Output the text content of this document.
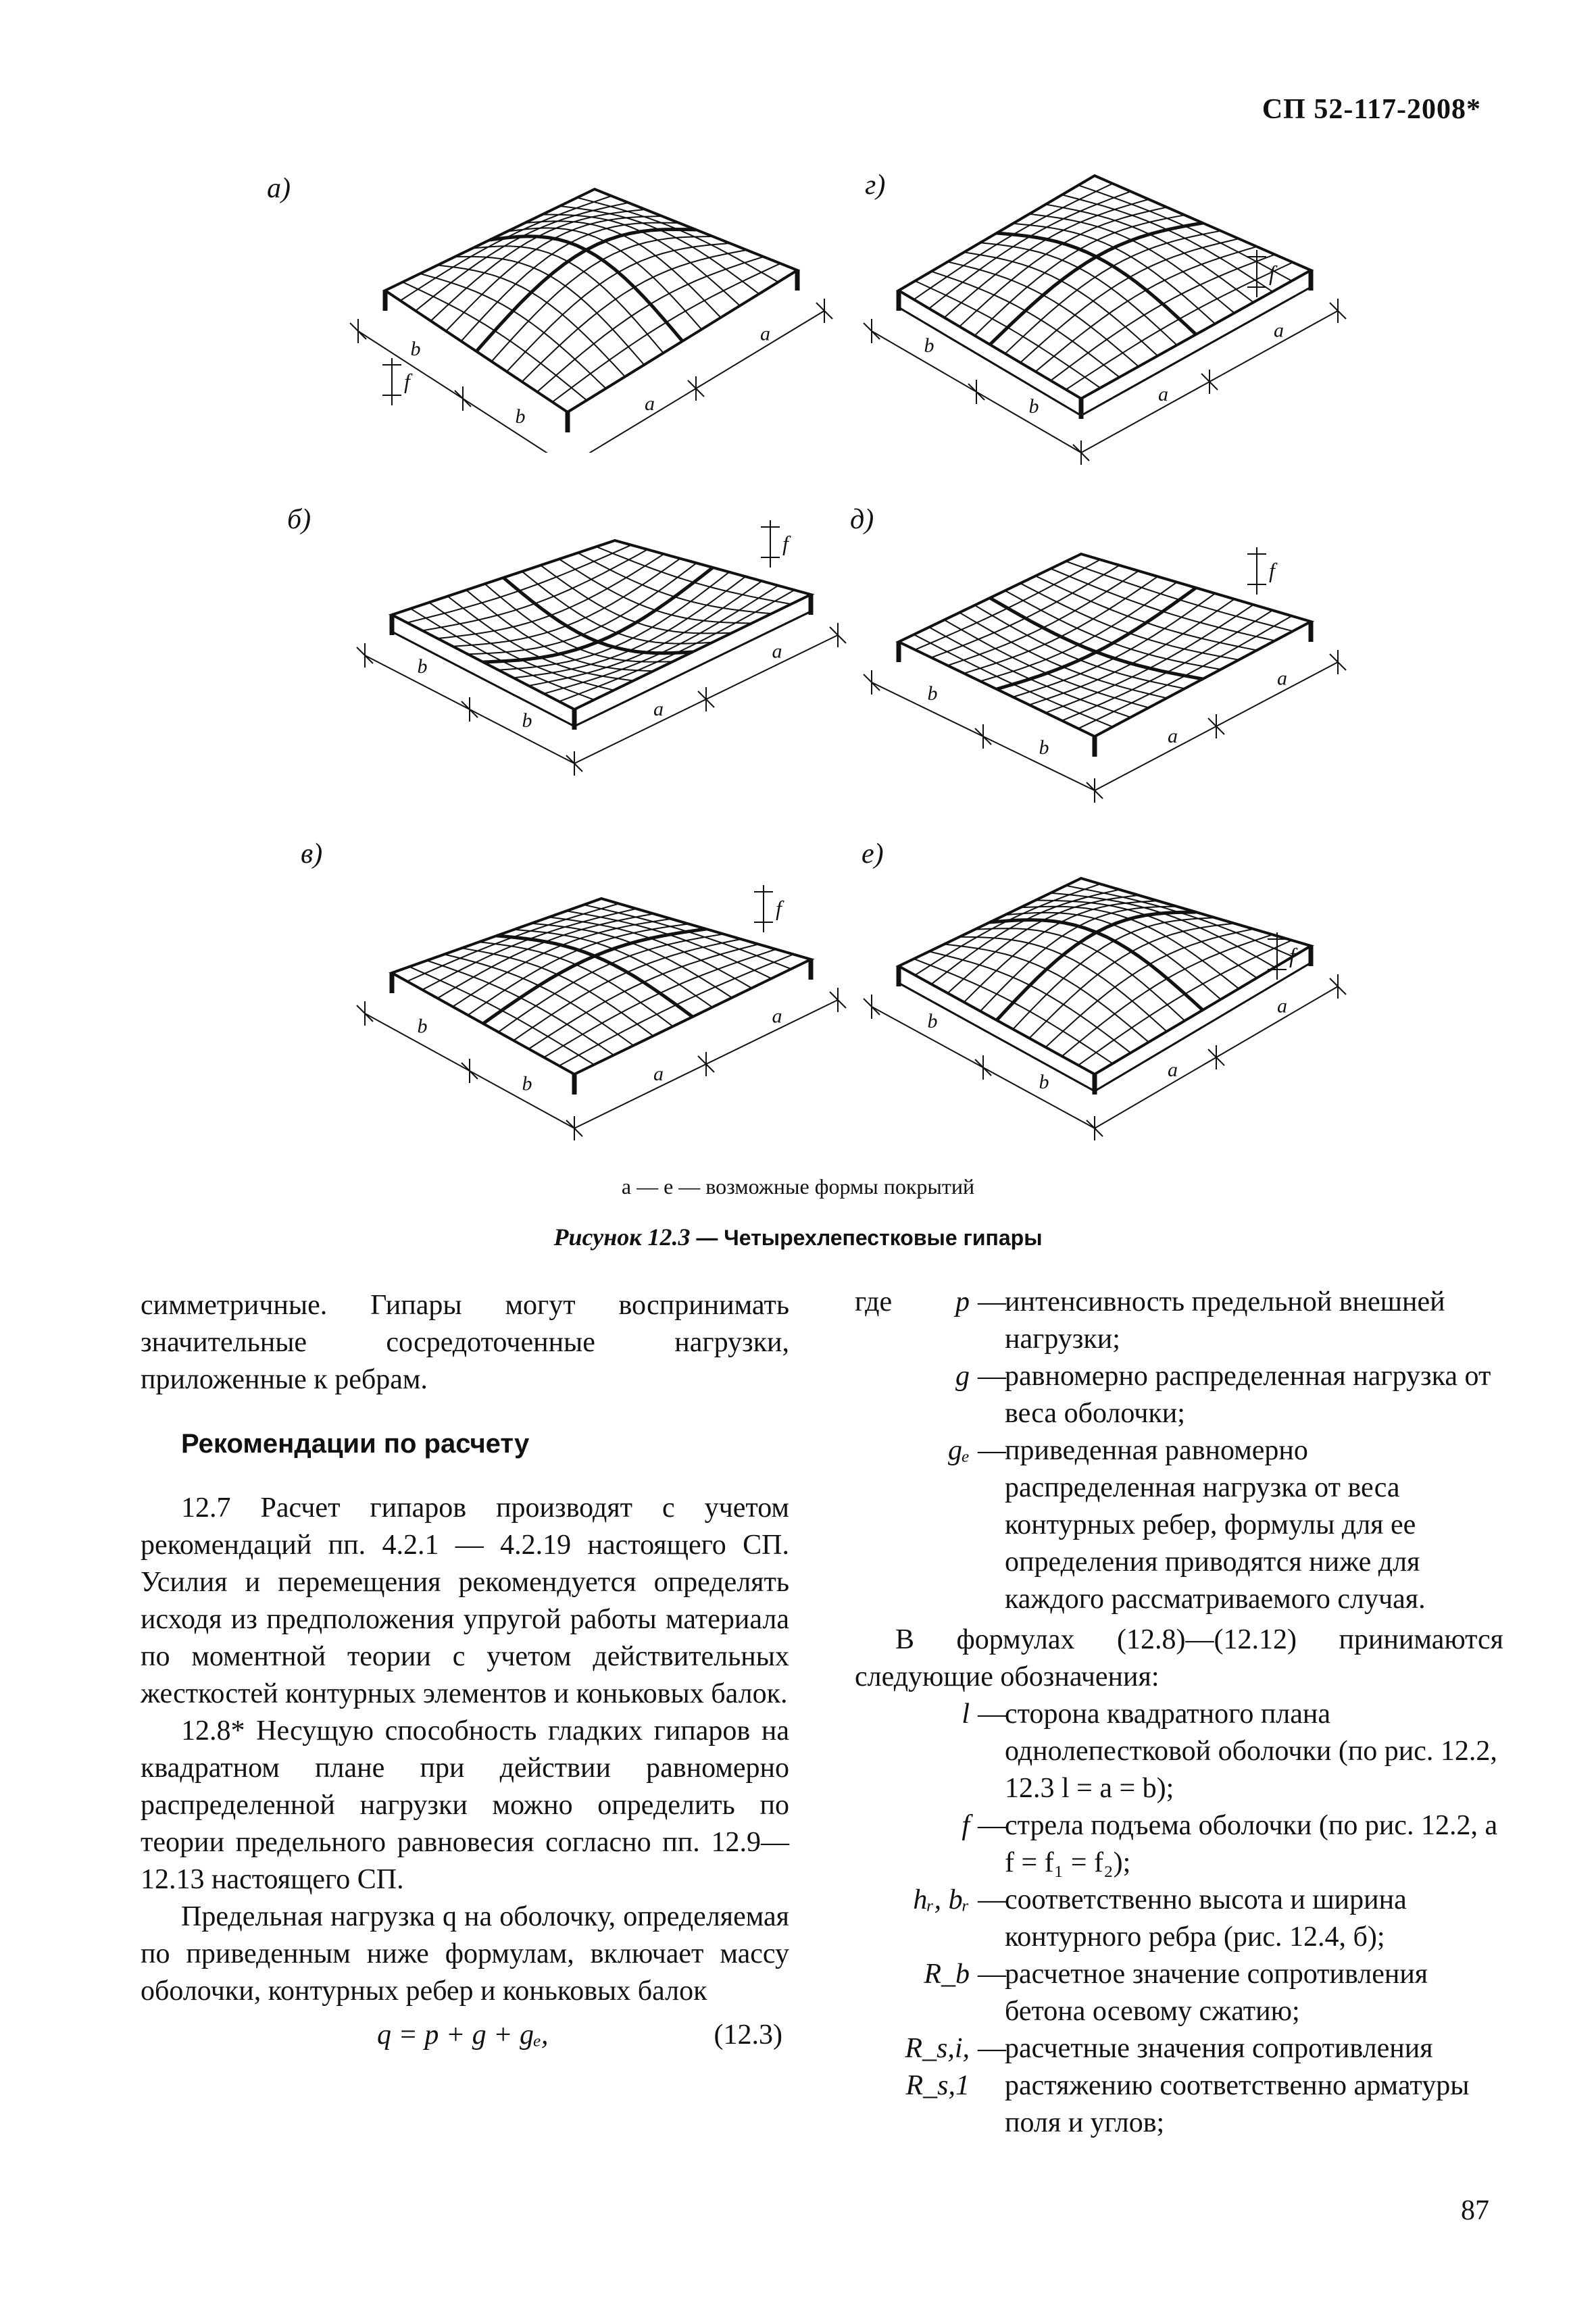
СП 52-117-2008*
а)
б)
в)
г)
д)
е)
b
b
a
a
f
b
b
a
a
f
b
b	a
a
f
b
b
a
a
f
b
b
a
a
f
b
b
a
a
f
а — е — возможные формы покрытий
Рисунок 12.3 — Четырехлепестковые гипары

симметричные. Гипары могут воспринимать значительные сосредоточенные нагрузки, приложенные к ребрам.

Рекомендации по расчету

12.7 Расчет гипаров производят с учетом рекомендаций пп. 4.2.1 — 4.2.19 настоящего СП. Усилия и перемещения рекомендуется определять исходя из предположения упругой работы материала по моментной теории с учетом действительных жесткостей контурных элементов и коньковых балок.

12.8* Несущую способность гладких гипаров на квадратном плане при действии равномерно распределенной нагрузки можно определить по теории предельного равновесия согласно пп. 12.9—12.13 настоящего СП.

Предельная нагрузка q на оболочку, определяемая по приведенным ниже формулам, включает массу оболочки, контурных ребер и коньковых балок

q = p + g + gₑ,	(12.3)
где	p —
интенсивность предельной внешней нагрузки;
g —
равномерно распределенная нагрузка от веса оболочки;
gₑ —
приведенная равномерно распределенная нагрузка от веса контурных ребер, формулы для ее определения приводятся ниже для каждого рассматриваемого случая.

В формулах (12.8)—(12.12) принимаются следующие обозначения:

l —
сторона квадратного плана однолепестковой оболочки (по рис. 12.2, 12.3 l = a = b);
f —
стрела подъема оболочки (по рис. 12.2, а f = f₁ = f₂);
hᵣ, bᵣ —
соответственно высота и ширина контурного ребра (рис. 12.4, б);
R_b —
расчетное значение сопротивления бетона осевому сжатию;
R_s,i, R_s,1
—
расчетные значения сопротивления растяжению соответственно арматуры поля и углов;
87
